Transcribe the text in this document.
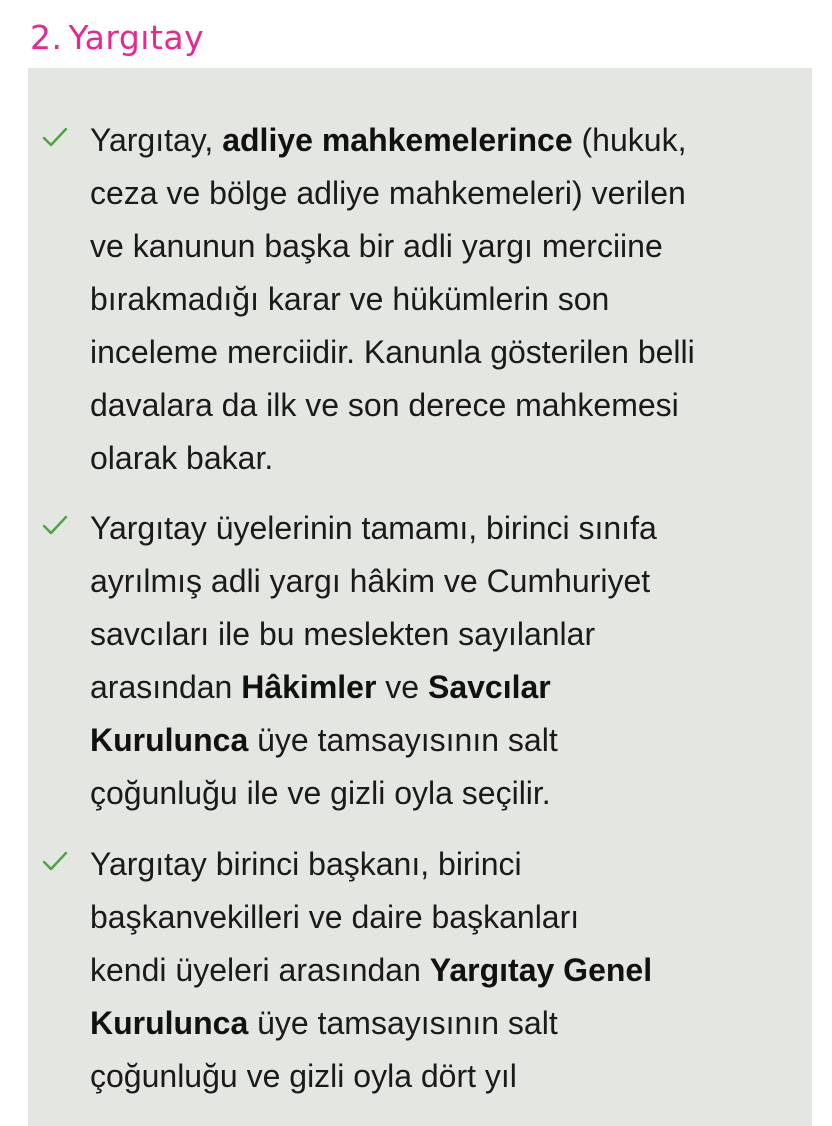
2. Yargıtay
Yargıtay, adliye mahkemelerince (hukuk,
ceza ve bölge adliye mahkemeleri) verilen
ve kanunun başka bir adli yargı merciine
bırakmadığı karar ve hükümlerin son
inceleme merciidir. Kanunla gösterilen belli
davalara da ilk ve son derece mahkemesi
olarak bakar.
Yargıtay üyelerinin tamamı, birinci sınıfa
ayrılmış adli yargı hâkim ve Cumhuriyet
savcıları ile bu meslekten sayılanlar
arasından Hâkimler ve Savcılar
Kurulunca üye tamsayısının salt
çoğunluğu ile ve gizli oyla seçilir.
Yargıtay birinci başkanı, birinci
başkanvekilleri ve daire başkanları
kendi üyeleri arasından Yargıtay Genel
Kurulunca üye tamsayısının salt
çoğunluğu ve gizli oyla dört yıl
